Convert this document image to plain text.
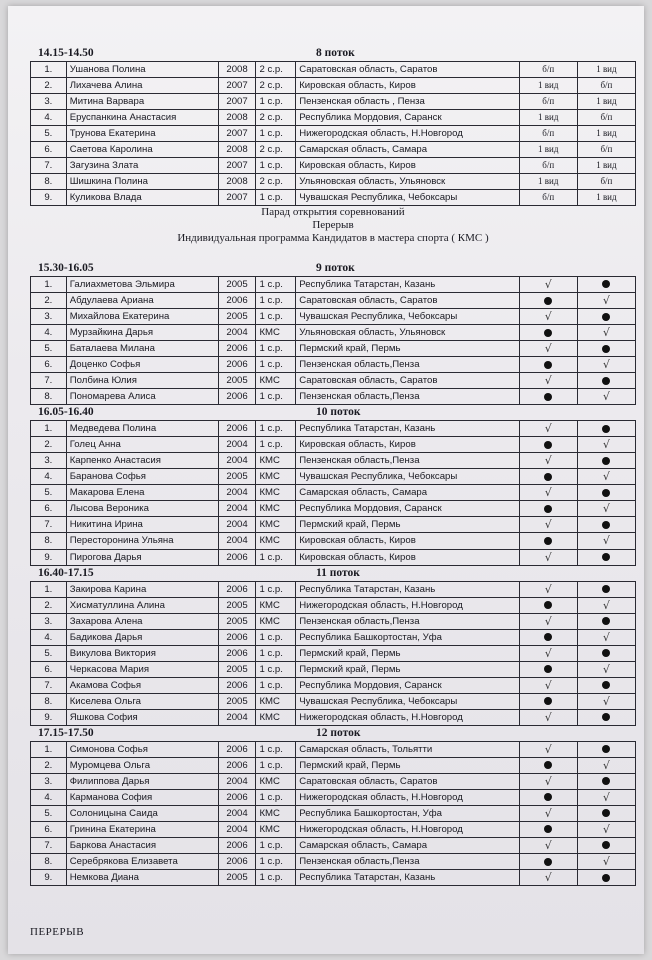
14.15-14.50	8 поток
1.	Ушанова Полина	2008	2 с.р.	Саратовская область, Саратов	б/п	1 вид
2.	Лихачева Алина	2007	2 с.р.	Кировская область, Киров	1 вид	б/п
3.	Митина Варвара	2007	1 с.р.	Пензенская область , Пенза	б/п	1 вид
4.	Еруспанкина Анастасия	2008	2 с.р.	Республика Мордовия, Саранск	1 вид	б/п
5.	Трунова Екатерина	2007	1 с.р.	Нижегородская область, Н.Новгород	б/п	1 вид
6.	Саетова Каролина	2008	2 с.р.	Самарская область, Самара	1 вид	б/п
7.	Загузина Злата	2007	1 с.р.	Кировская область, Киров	б/п	1 вид
8.	Шишкина Полина	2008	2 с.р.	Ульяновская область, Ульяновск	1 вид	б/п
9.	Куликова Влада	2007	1 с.р.	Чувашская Республика, Чебоксары	б/п	1 вид
Парад открытия соревнований
Перерыв
Индивидуальная программа Кандидатов в мастера спорта ( КМС )
15.30-16.05	9 поток
1.	Галиахметова Эльмира	2005	1 с.р.	Республика Татарстан, Казань	√	
2.	Абдулаева Ариана	2006	1 с.р.	Саратовская область, Саратов		√
3.	Михайлова Екатерина	2005	1 с.р.	Чувашская Республика, Чебоксары	√	
4.	Мурзайкина Дарья	2004	КМС	Ульяновская область, Ульяновск		√
5.	Баталаева Милана	2006	1 с.р.	Пермский край, Пермь	√	
6.	Доценко Софья	2006	1 с.р.	Пензенская область,Пенза		√
7.	Полбина Юлия	2005	КМС	Саратовская область, Саратов	√	
8.	Пономарева Алиса	2006	1 с.р.	Пензенская область,Пенза		√
16.05-16.40	10 поток
1.	Медведева Полина	2006	1 с.р.	Республика Татарстан, Казань	√	
2.	Голец Анна	2004	1 с.р.	Кировская область, Киров		√
3.	Карпенко Анастасия	2004	КМС	Пензенская область,Пенза	√	
4.	Баранова Софья	2005	КМС	Чувашская Республика, Чебоксары		√
5.	Макарова Елена	2004	КМС	Самарская область, Самара	√	
6.	Лысова Вероника	2004	КМС	Республика Мордовия, Саранск		√
7.	Никитина Ирина	2004	КМС	Пермский край, Пермь	√	
8.	Пересторонина Ульяна	2004	КМС	Кировская область, Киров		√
9.	Пирогова Дарья	2006	1 с.р.	Кировская область, Киров	√	
16.40-17.15	11 поток
1.	Закирова Карина	2006	1 с.р.	Республика Татарстан, Казань	√	
2.	Хисматуллина Алина	2005	КМС	Нижегородская область, Н.Новгород		√
3.	Захарова Алена	2005	КМС	Пензенская область,Пенза	√	
4.	Бадикова Дарья	2006	1 с.р.	Республика Башкортостан, Уфа		√
5.	Викулова Виктория	2006	1 с.р.	Пермский край, Пермь	√	
6.	Черкасова Мария	2005	1 с.р.	Пермский край, Пермь		√
7.	Акамова Софья	2006	1 с.р.	Республика Мордовия, Саранск	√	
8.	Киселева Ольга	2005	КМС	Чувашская Республика, Чебоксары		√
9.	Яшкова София	2004	КМС	Нижегородская область, Н.Новгород	√	
17.15-17.50	12 поток
1.	Симонова Софья	2006	1 с.р.	Самарская область, Тольятти	√	
2.	Муромцева Ольга	2006	1 с.р.	Пермский край, Пермь		√
3.	Филиппова Дарья	2004	КМС	Саратовская область, Саратов	√	
4.	Карманова София	2006	1 с.р.	Нижегородская область, Н.Новгород		√
5.	Солоницына Саида	2004	КМС	Республика Башкортостан, Уфа	√	
6.	Гринина Екатерина	2004	КМС	Нижегородская область, Н.Новгород		√
7.	Баркова Анастасия	2006	1 с.р.	Самарская область, Самара	√	
8.	Серебрякова Елизавета	2006	1 с.р.	Пензенская область,Пенза		√
9.	Немкова Диана	2005	1 с.р.	Республика Татарстан, Казань	√	
ПЕРЕРЫВ
